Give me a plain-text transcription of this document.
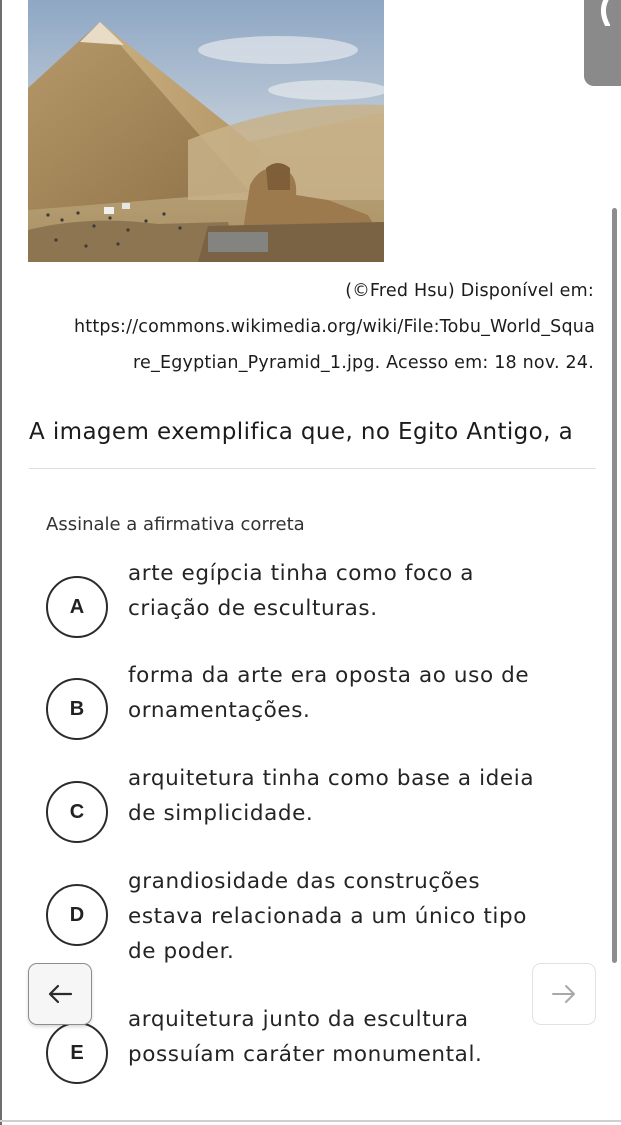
(©Fred Hsu) Disponível em:
https://commons.wikimedia.org/wiki/File:Tobu_World_Squa
re_Egyptian_Pyramid_1.jpg. Acesso em: 18 nov. 24.
A imagem exemplifica que, no Egito Antigo, a
Assinale a afirmativa correta
A
arte egípcia tinha como foco a
criação de esculturas.
B
forma da arte era oposta ao uso de
ornamentações.
C
arquitetura tinha como base a ideia
de simplicidade.
D
grandiosidade das construções
estava relacionada a um único tipo
de poder.
E
arquitetura junto da escultura
possuíam caráter monumental.
